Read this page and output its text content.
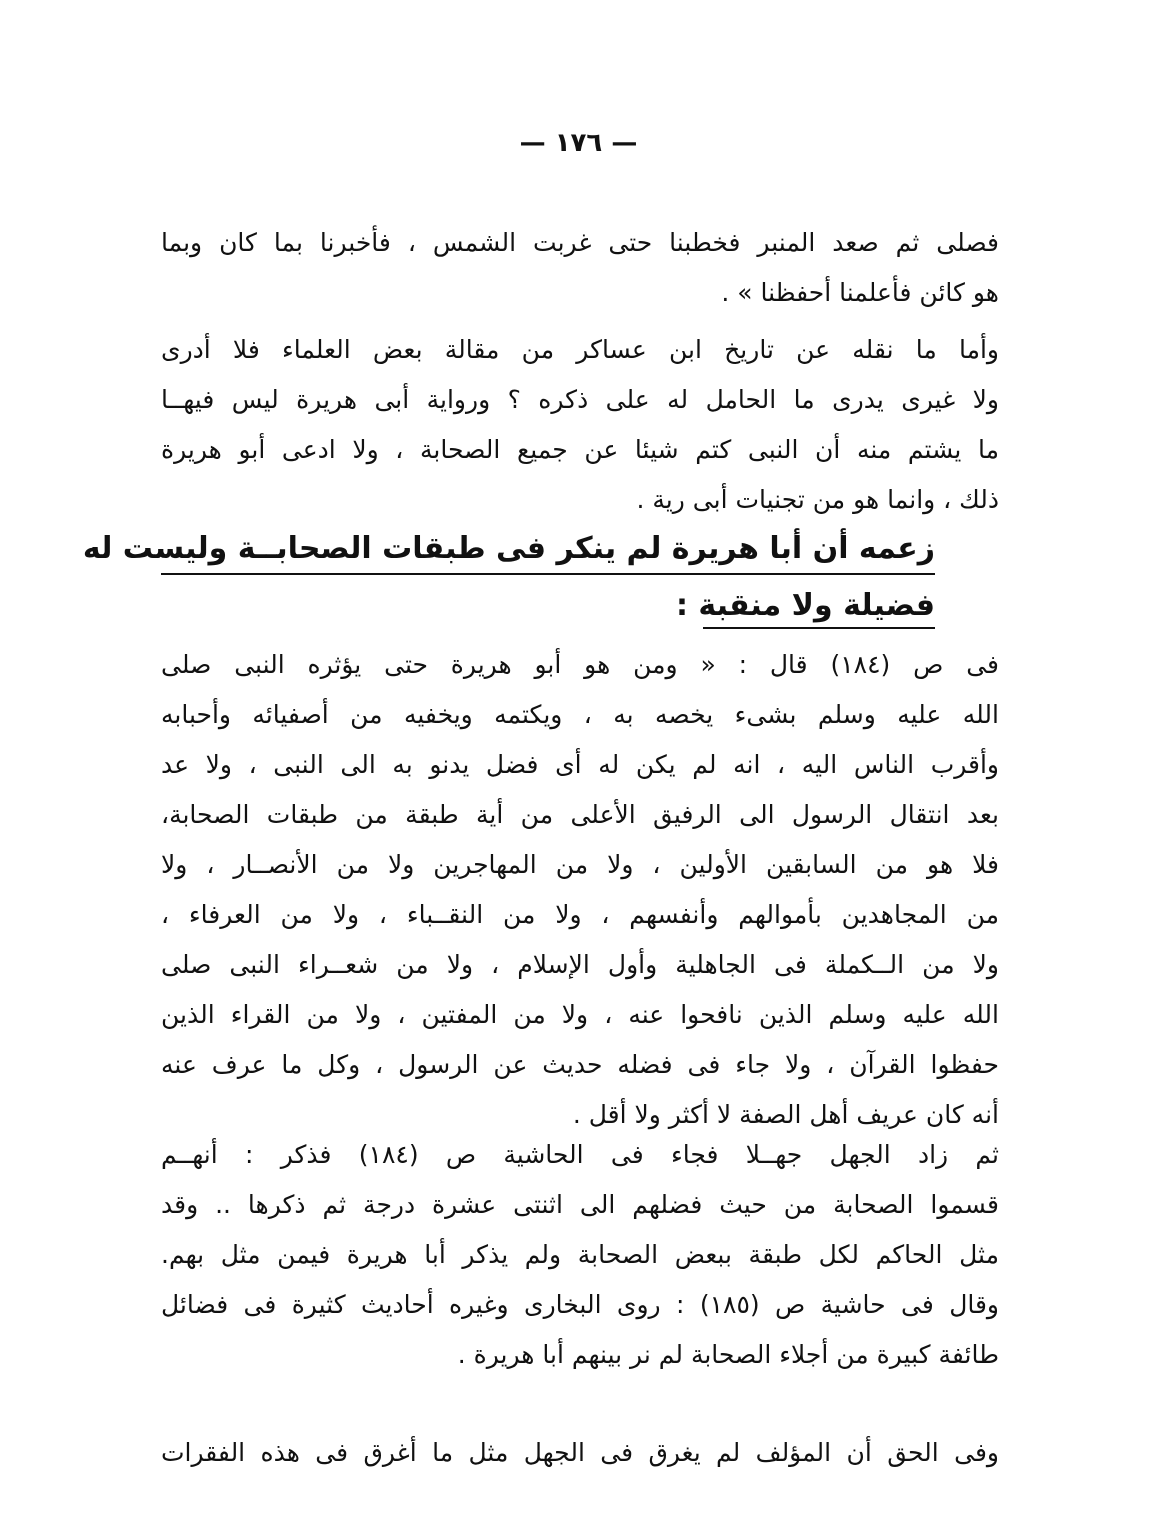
— ١٧٦ —
فصلى ثم صعد المنبر فخطبنا حتى غربت الشمس ، فأخبرنا بما كان وبما
هو كائن فأعلمنا أحفظنا » .
وأما ما نقله عن تاريخ ابن عساكر من مقالة بعض العلماء فلا أدرى
ولا غيرى يدرى ما الحامل له على ذكره ؟ ورواية أبى هريرة ليس فيهــا
ما يشتم منه أن النبى كتم شيئا عن جميع الصحابة ، ولا ادعى أبو هريرة
ذلك ، وانما هو من تجنيات أبى رية .
زعمه أن أبا هريرة لم ينكر فى طبقات الصحابــة وليست له
فضيلة ولا منقبة :
فى ص (١٨٤) قال : « ومن هو أبو هريرة حتى يؤثره النبى صلى
الله عليه وسلم بشىء يخصه به ، ويكتمه ويخفيه من أصفيائه وأحبابه
وأقرب الناس اليه ، انه لم يكن له أى فضل يدنو به الى النبى ، ولا عد
بعد انتقال الرسول الى الرفيق الأعلى من أية طبقة من طبقات الصحابة،
فلا هو من السابقين الأولين ، ولا من المهاجرين ولا من الأنصــار ، ولا
من المجاهدين بأموالهم وأنفسهم ، ولا من النقــباء ، ولا من العرفاء ،
ولا من الــكملة فى الجاهلية وأول الإسلام ، ولا من شعــراء النبى صلى
الله عليه وسلم الذين نافحوا عنه ، ولا من المفتين ، ولا من القراء الذين
حفظوا القرآن ، ولا جاء فى فضله حديث عن الرسول ، وكل ما عرف عنه
أنه كان عريف أهل الصفة لا أكثر ولا أقل .
ثم زاد الجهل جهــلا فجاء فى الحاشية ص (١٨٤) فذكر : أنهــم
قسموا الصحابة من حيث فضلهم الى اثنتى عشرة درجة ثم ذكرها .. وقد
مثل الحاكم لكل طبقة ببعض الصحابة ولم يذكر أبا هريرة فيمن مثل بهم.
وقال فى حاشية ص (١٨٥) : روى البخارى وغيره أحاديث كثيرة فى فضائل
طائفة كبيرة من أجلاء الصحابة لم نر بينهم أبا هريرة .
وفى الحق أن المؤلف لم يغرق فى الجهل مثل ما أغرق فى هذه الفقرات
